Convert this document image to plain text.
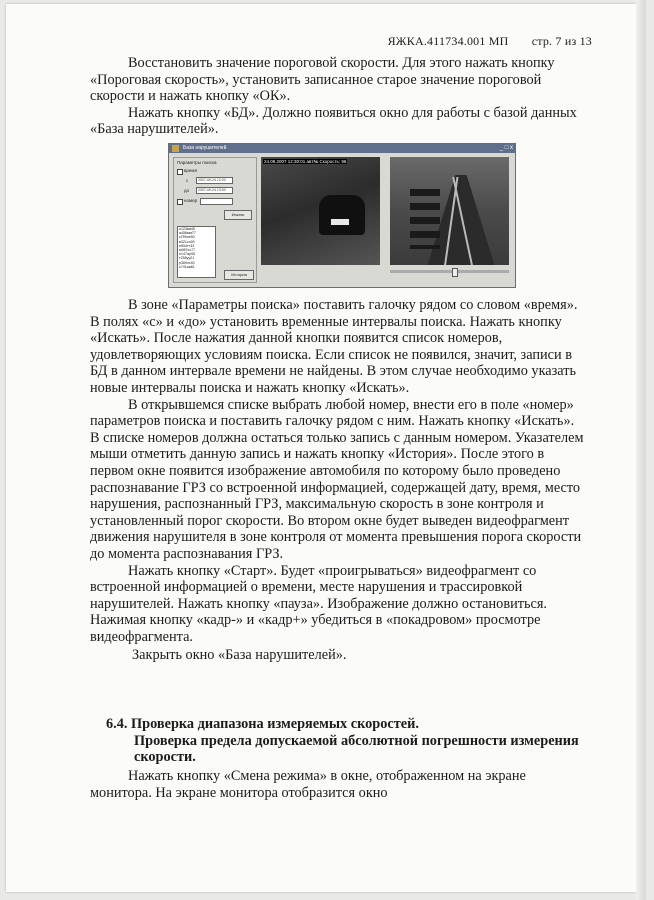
ЯЖКА.411734.001 МП стр. 7 из 13

Восстановить значение пороговой скорости. Для этого нажать кнопку «Пороговая скорость», установить записанное старое значение пороговой скорости и нажать кнопку «ОК».

Нажать кнопку «БД». Должно появиться окно для работы с базой данных «База нарушителей».

База нарушителей	_ □ x
Параметры поиска
время
с	2007-09-24 12:00
до	2007-09-24 13:00
номер
Искать
о123ва45
а456мм77
к789ое50
в321сс99
е654тт33
м987ко77
н147ар55
т258уу21
р369хх40
с741аа61
История
24.09.2007 12:30:01 авт№ Скорость: 96

В зоне «Параметры поиска» поставить галочку рядом со словом «время». В полях «с» и «до» установить временные интервалы поиска. Нажать кнопку «Искать». После нажатия данной кнопки появится список номеров, удовлетворяющих условиям поиска. Если список не появился, значит, записи в БД в данном интервале времени не найдены. В этом случае необходимо указать новые интервалы поиска и нажать кнопку «Искать».

В открывшемся списке выбрать любой номер, внести его в поле «номер» параметров поиска и поставить галочку рядом с ним. Нажать кнопку «Искать». В списке номеров должна остаться только запись с данным номером. Указателем мыши отметить данную запись и нажать кнопку «История». После этого в первом окне появится изображение автомобиля по которому было проведено распознавание ГРЗ со встроенной информацией, содержащей дату, время, место нарушения, распознанный ГРЗ, максимальную скорость в зоне контроля и установленный порог скорости. Во втором окне будет выведен видеофрагмент движения нарушителя в зоне контроля от момента превышения порога скорости до момента распознавания ГРЗ.

Нажать кнопку «Старт». Будет «проигрываться» видеофрагмент со встроенной информацией о времени, месте нарушения и трассировкой нарушителей. Нажать кнопку «пауза». Изображение должно остановиться. Нажимая кнопку «кадр-» и «кадр+» убедиться в «покадровом» просмотре видеофрагмента.

Закрыть окно «База нарушителей».

6.4. Проверка диапазона измеряемых скоростей.

Проверка предела допускаемой абсолютной погрешности измерения скорости.

Нажать кнопку «Смена режима» в окне, отображенном на экране монитора. На экране монитора отобразится окно
